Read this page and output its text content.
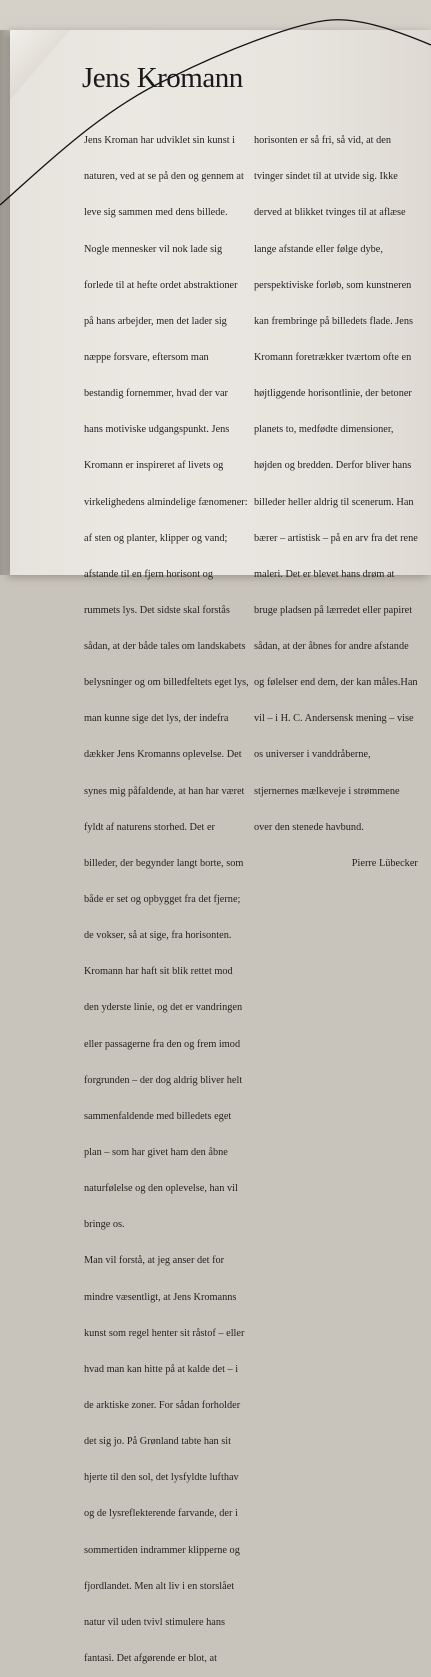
Jens Kromann

Jens Kroman har udviklet sin kunst i

naturen, ved at se på den og gennem at

leve sig sammen med dens billede.

Nogle mennesker vil nok lade sig

forlede til at hefte ordet abstraktioner

på hans arbejder, men det lader sig

næppe forsvare, eftersom man

bestandig fornemmer, hvad der var

hans motiviske udgangspunkt. Jens

Kromann er inspireret af livets og

virkelighedens almindelige fænomener:

af sten og planter, klipper og vand;

afstande til en fjern horisont og

rummets lys. Det sidste skal forstås

sådan, at der både tales om landskabets

belysninger og om billedfeltets eget lys,

man kunne sige det lys, der indefra

dækker Jens Kromanns oplevelse. Det

synes mig påfaldende, at han har været

fyldt af naturens storhed. Det er

billeder, der begynder langt borte, som

både er set og opbygget fra det fjerne;

de vokser, så at sige, fra horisonten.

Kromann har haft sit blik rettet mod

den yderste linie, og det er vandringen

eller passagerne fra den og frem imod

forgrunden – der dog aldrig bliver helt

sammenfaldende med billedets eget

plan – som har givet ham den åbne

naturfølelse og den oplevelse, han vil

bringe os.

Man vil forstå, at jeg anser det for

mindre væsentligt, at Jens Kromanns

kunst som regel henter sit råstof – eller

hvad man kan hitte på at kalde det – i

de arktiske zoner. For sådan forholder

det sig jo. På Grønland tabte han sit

hjerte til den sol, det lysfyldte lufthav

og de lysreflekterende farvande, der i

sommertiden indrammer klipperne og

fjordlandet. Men alt liv i en storslået

natur vil uden tvivl stimulere hans

fantasi. Det afgørende er blot, at

horisonten er så fri, så vid, at den

tvinger sindet til at utvide sig. Ikke

derved at blikket tvinges til at aflæse

lange afstande eller følge dybe,

perspektiviske forløb, som kunstneren

kan frembringe på billedets flade. Jens

Kromann foretrækker tværtom ofte en

højtliggende horisontlinie, der betoner

planets to, medfødte dimensioner,

højden og bredden. Derfor bliver hans

billeder heller aldrig til scenerum. Han

bærer – artistisk – på en arv fra det rene

maleri. Det er blevet hans drøm at

bruge pladsen på lærredet eller papiret

sådan, at der åbnes for andre afstande

og følelser end dem, der kan måles.Han

vil – i H. C. Andersensk mening – vise

os universer i vanddråberne,

stjernernes mælkeveje i strømmene

over den stenede havbund.

Pierre Lübecker
